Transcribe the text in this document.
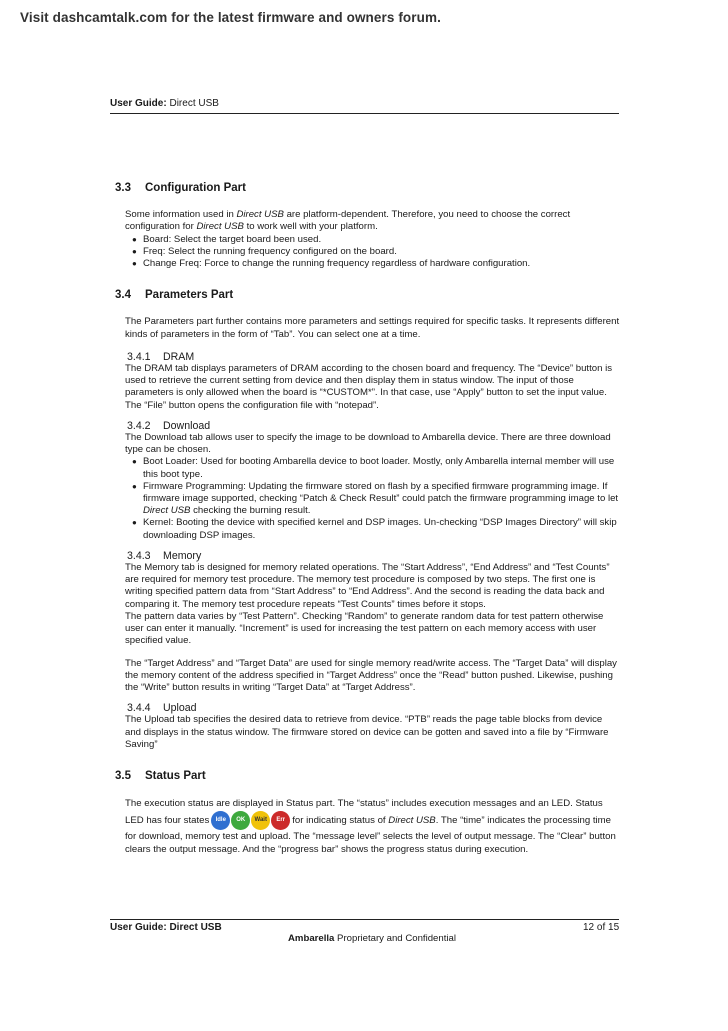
Visit dashcamtalk.com for the latest firmware and owners forum.
User Guide: Direct USB
3.3 Configuration Part
Some information used in Direct USB are platform-dependent. Therefore, you need to choose the correct configuration for Direct USB to work well with your platform.
● Board: Select the target board been used.
● Freq: Select the running frequency configured on the board.
● Change Freq: Force to change the running frequency regardless of hardware configuration.
3.4 Parameters Part
The Parameters part further contains more parameters and settings required for specific tasks. It represents different kinds of parameters in the form of “Tab”. You can select one at a time.
3.4.1 DRAM
The DRAM tab displays parameters of DRAM according to the chosen board and frequency. The “Device” button is used to retrieve the current setting from device and then display them in status window. The input of those parameters is only allowed when the board is “*CUSTOM*”. In that case, use “Apply” button to set the input value. The “File” button opens the configuration file with “notepad”.
3.4.2 Download
The Download tab allows user to specify the image to be download to Ambarella device. There are three download type can be chosen.
● Boot Loader: Used for booting Ambarella device to boot loader. Mostly, only Ambarella internal member will use this boot type.
● Firmware Programming: Updating the firmware stored on flash by a specified firmware programming image. If firmware image supported, checking “Patch & Check Result” could patch the firmware programming image to let Direct USB checking the burning result.
● Kernel: Booting the device with specified kernel and DSP images. Un-checking “DSP Images Directory” will skip downloading DSP images.
3.4.3 Memory
The Memory tab is designed for memory related operations. The “Start Address”, “End Address” and “Test Counts” are required for memory test procedure. The memory test procedure is composed by two steps. The first one is writing specified pattern data from “Start Address” to “End Address”. And the second is reading the data back and comparing it. The memory test procedure repeats “Test Counts” times before it stops.
The pattern data varies by “Test Pattern”. Checking “Random” to generate random data for test pattern otherwise user can enter it manually. “Increment” is used for increasing the test pattern on each memory access with user specified value.
The “Target Address” and “Target Data” are used for single memory read/write access. The “Target Data” will display the memory content of the address specified in “Target Address” once the “Read” button pushed. Likewise, pushing the “Write” button results in writing “Target Data” at “Target Address”.
3.4.4 Upload
The Upload tab specifies the desired data to retrieve from device. “PTB” reads the page table blocks from device and displays in the status window. The firmware stored on device can be gotten and saved into a file by “Firmware Saving”
3.5 Status Part
The execution status are displayed in Status part. The “status” includes execution messages and an LED. Status LED has four states	Idle	OK	Wait	Err for indicating status of Direct USB. The “time” indicates the processing time for download, memory test and upload. The “message level” selects the level of output message. The “Clear” button clears the output message. And the “progress bar” shows the progress status during execution.
User Guide: Direct USB	12 of 15
Ambarella Proprietary and Confidential
